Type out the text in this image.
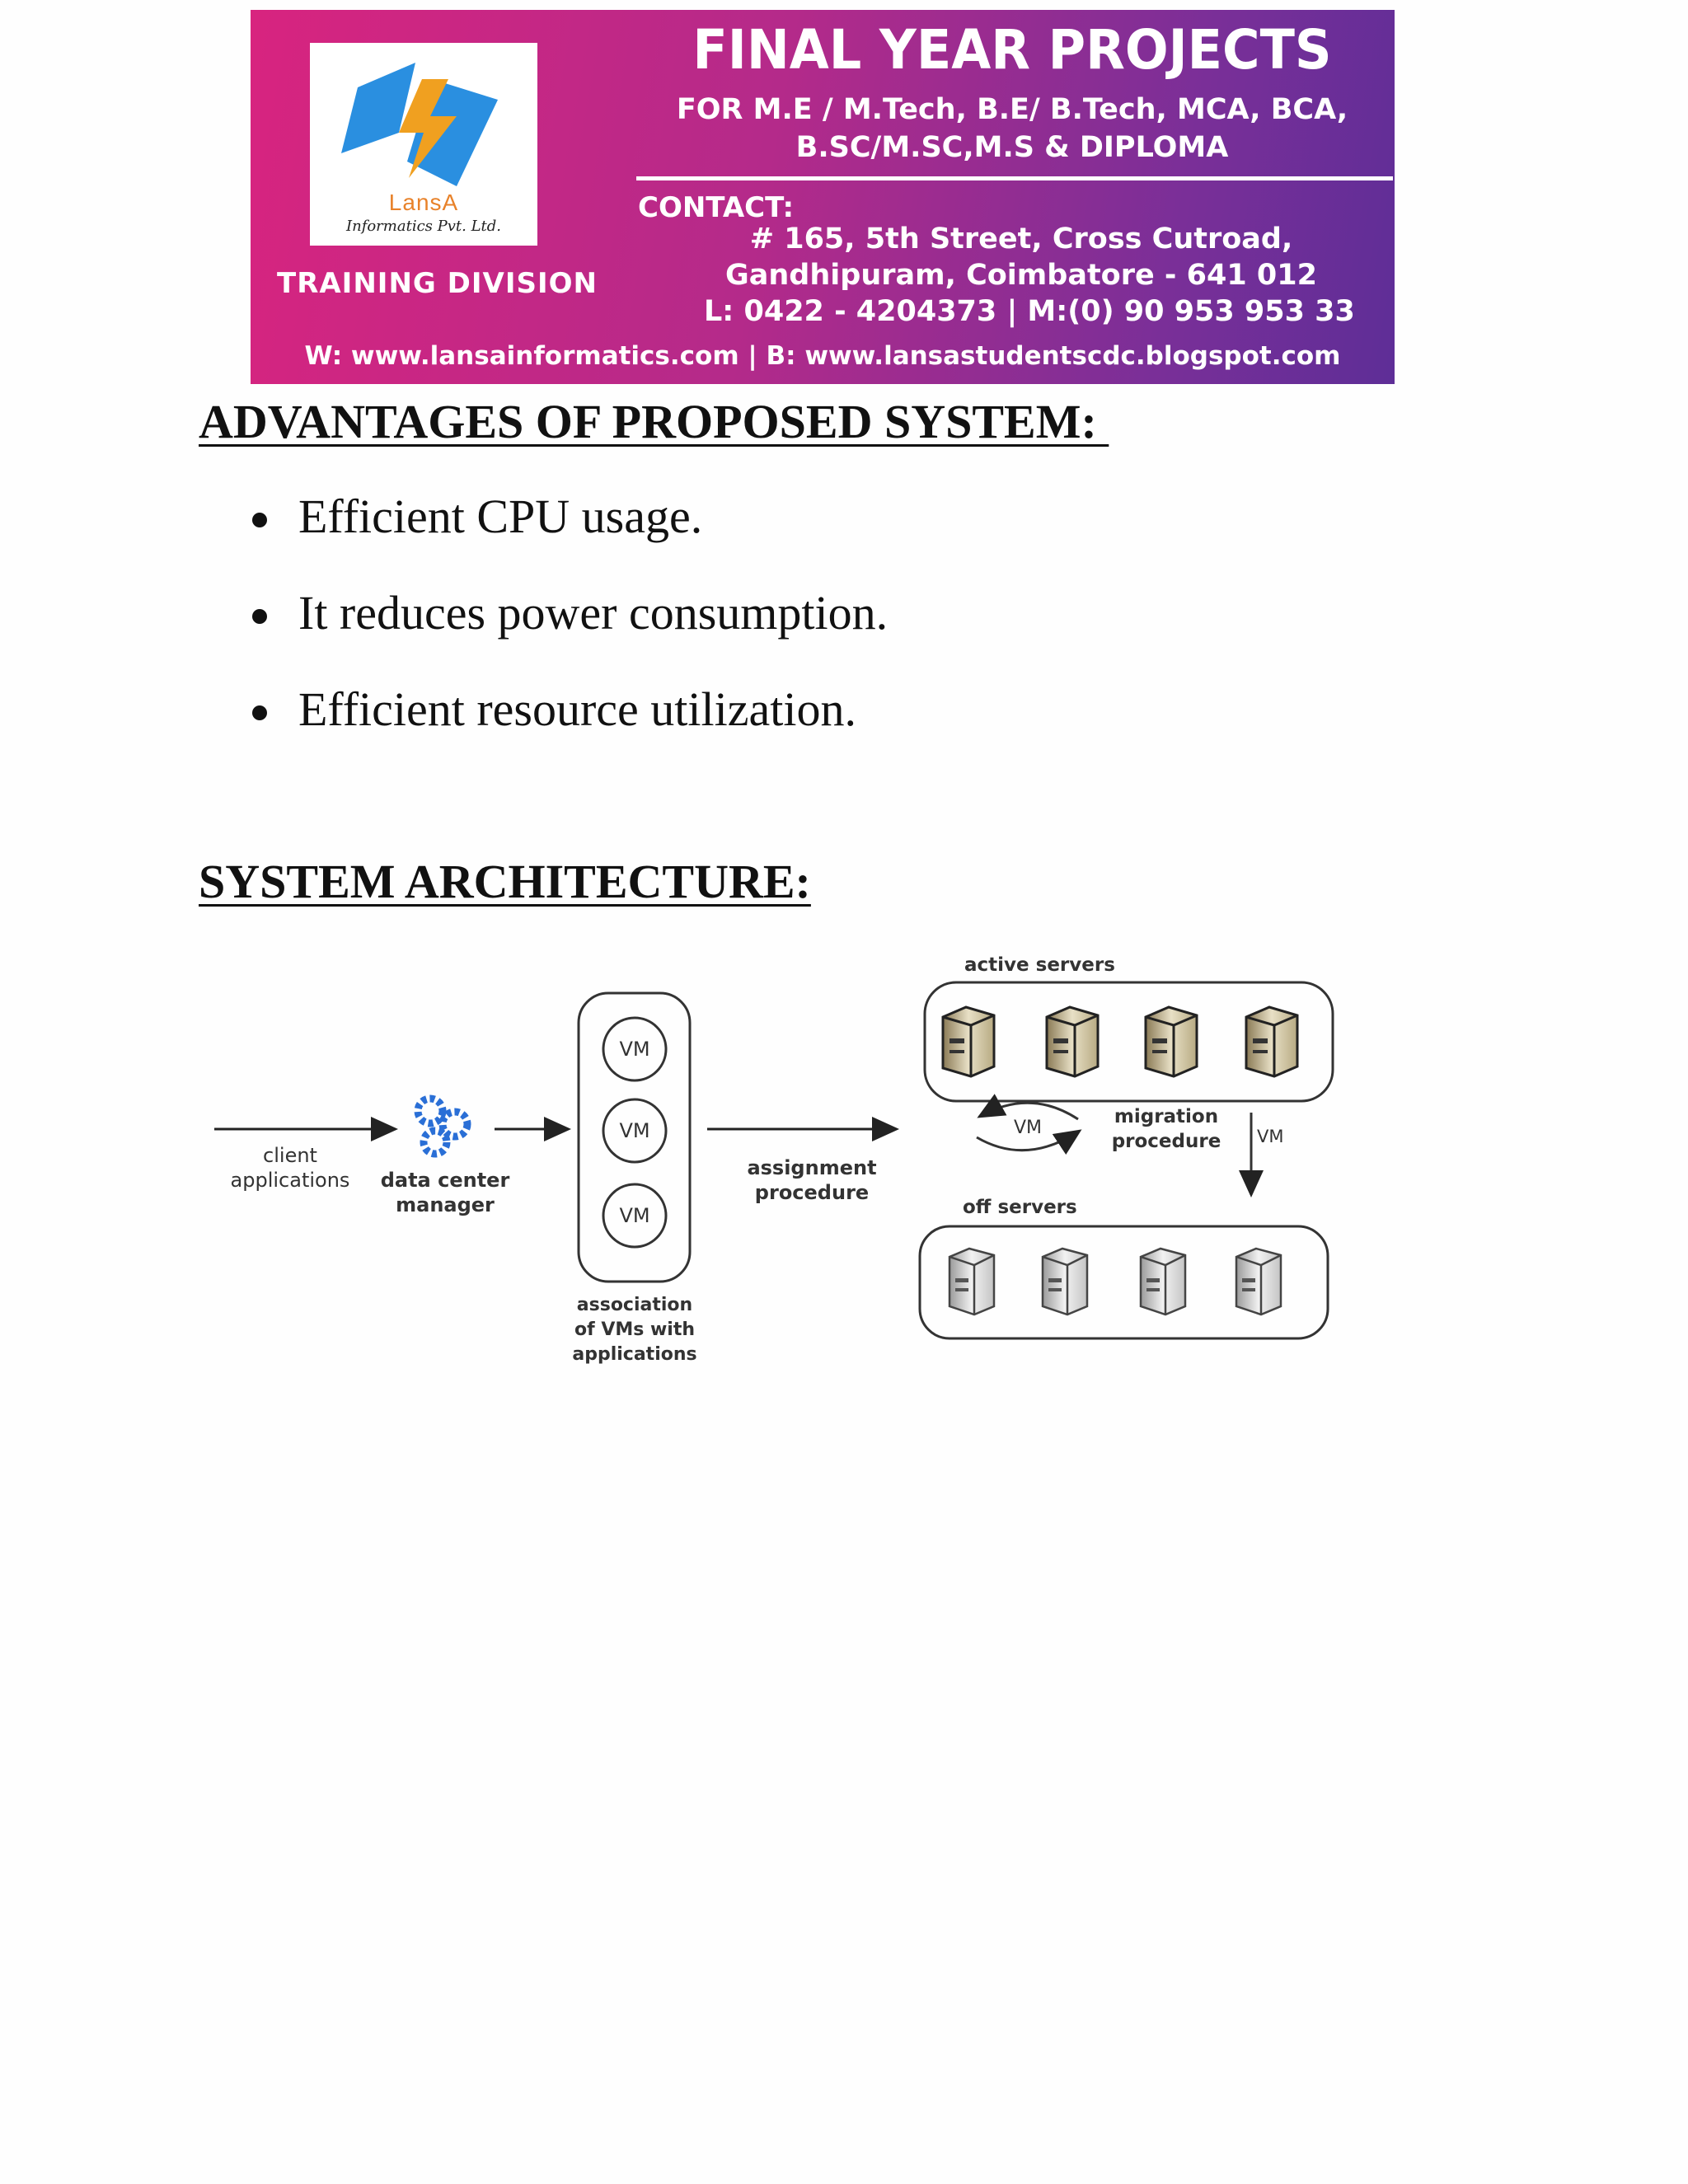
LansA
Informatics Pvt. Ltd.
TRAINING DIVISION
FINAL YEAR PROJECTS
FOR M.E / M.Tech, B.E/ B.Tech, MCA, BCA,
B.SC/M.SC,M.S & DIPLOMA
CONTACT:
# 165, 5th Street, Cross Cutroad,
Gandhipuram, Coimbatore - 641 012
L: 0422 - 4204373 | M:(0) 90 953 953 33
W: www.lansainformatics.com | B: www.lansastudentscdc.blogspot.com
ADVANTAGES OF PROPOSED SYSTEM:
Efficient CPU usage.
It reduces power consumption.
Efficient resource utilization.
SYSTEM ARCHITECTURE:
client
applications data center
manager
VM
VM
VM
association
of VMs with
applications
assignment
procedure
active servers
VM
migration
procedure VM
off servers
